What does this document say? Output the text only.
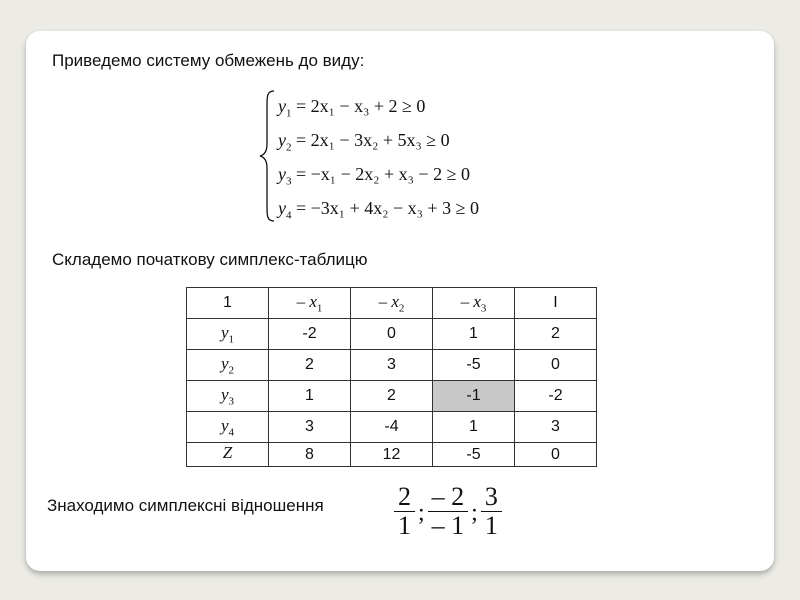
Приведемо систему обмежень до виду:
$y_1 = 2x_1 - x_3 + 2 \ge 0$
$y_2 = 2x_1 - 3x_2 + 5x_3 \ge 0$
$y_3 = -x_1 - 2x_2 + x_3 - 2 \ge 0$
$y_4 = -3x_1 + 4x_2 - x_3 + 3 \ge 0$
Складемо початкову симплекс-таблицю
1	– $x_1$	– $x_2$	– $x_3$	I
$y_1$	-2	0	1	2
$y_2$	2	3	-5	0
$y_3$	1	2	-1	-2
$y_4$	3	-4	1	3
Z	8	12	-5	0
Знаходимо симплексні відношення	$\frac{2}{1}$ ; $\frac{- 2}{- 1}$ ; $\frac{3}{1}$
